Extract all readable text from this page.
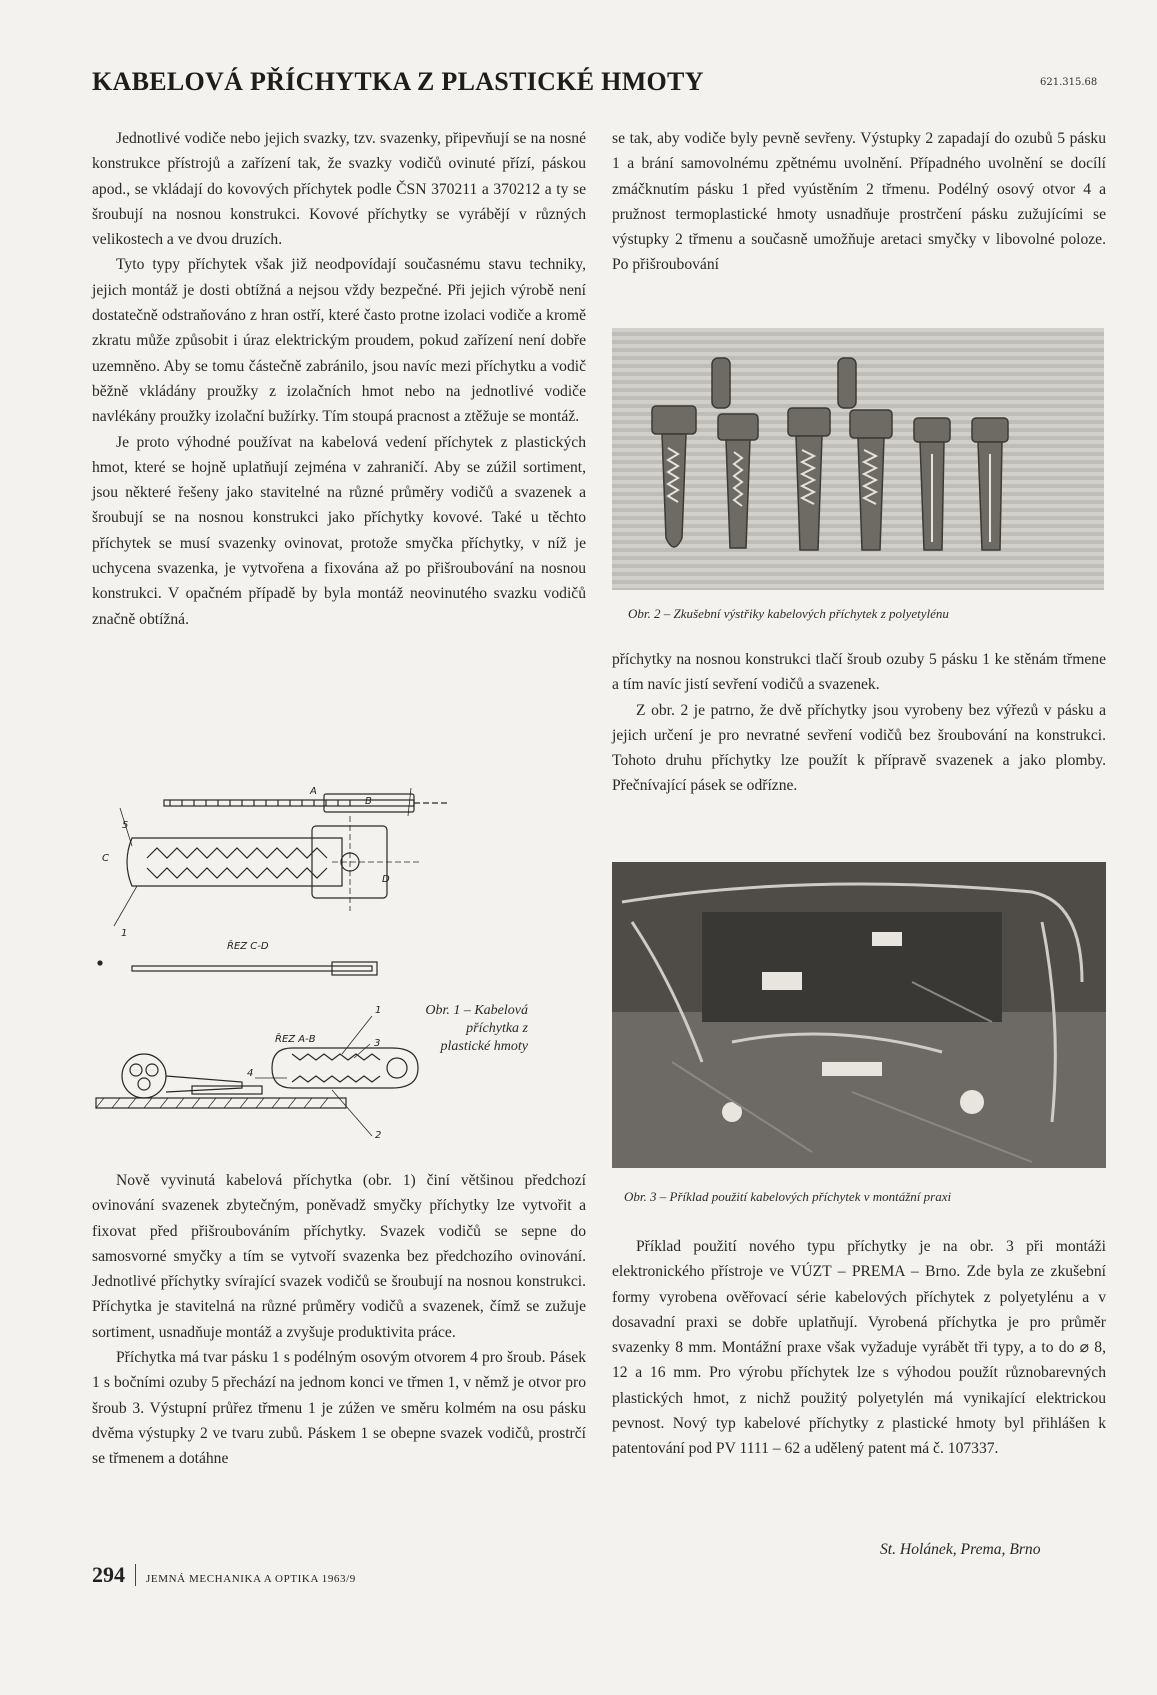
KABELOVÁ PŘÍCHYTKA Z PLASTICKÉ HMOTY	621.315.68

Jednotlivé vodiče nebo jejich svazky, tzv. svazenky, připevňují se na nosné konstrukce přístrojů a zařízení tak, že svazky vodičů ovinuté přízí, páskou apod., se vkládají do kovových příchytek podle ČSN 370211 a 370212 a ty se šroubují na nosnou konstrukci. Kovové příchytky se vyrábějí v různých velikostech a ve dvou druzích.

Tyto typy příchytek však již neodpovídají současnému stavu techniky, jejich montáž je dosti obtížná a nejsou vždy bezpečné. Při jejich výrobě není dostatečně odstraňováno z hran ostří, které často protne izolaci vodiče a kromě zkratu může způsobit i úraz elektrickým proudem, pokud zařízení není dobře uzemněno. Aby se tomu částečně zabránilo, jsou navíc mezi příchytku a vodič běžně vkládány proužky z izolačních hmot nebo na jednotlivé vodiče navlékány proužky izolační bužírky. Tím stoupá pracnost a ztěžuje se montáž.

Je proto výhodné používat na kabelová vedení příchytek z plastických hmot, které se hojně uplatňují zejména v zahraničí. Aby se zúžil sortiment, jsou některé řešeny jako stavitelné na různé průměry vodičů a svazenek a šroubují se na nosnou konstrukci jako příchytky kovové. Také u těchto příchytek se musí svazenky ovinovat, protože smyčka příchytky, v níž je uchycena svazenka, je vytvořena a fixována až po přišroubování na nosnou konstrukci. V opačném případě by byla montáž neovinutého svazku vodičů značně obtížná.

A
B
C
D
5
1
ŘEZ C-D
ŘEZ A-B
1
3
4
2
Obr. 1 – Kabelová příchytka z plastické hmoty

Nově vyvinutá kabelová příchytka (obr. 1) činí většinou předchozí ovinování svazenek zbytečným, poněvadž smyčky příchytky lze vytvořit a fixovat před přišroubováním příchytky. Svazek vodičů se sepne do samosvorné smyčky a tím se vytvoří svazenka bez předchozího ovinování. Jednotlivé příchytky svírající svazek vodičů se šroubují na nosnou konstrukci. Příchytka je stavitelná na různé průměry vodičů a svazenek, čímž se zužuje sortiment, usnadňuje montáž a zvyšuje produktivita práce.

Příchytka má tvar pásku 1 s podélným osovým otvorem 4 pro šroub. Pásek 1 s bočními ozuby 5 přechází na jednom konci ve třmen 1, v němž je otvor pro šroub 3. Výstupní průřez třmenu 1 je zúžen ve směru kolmém na osu pásku dvěma výstupky 2 ve tvaru zubů. Páskem 1 se obepne svazek vodičů, prostrčí se třmenem a dotáhne

se tak, aby vodiče byly pevně sevřeny. Výstupky 2 zapadají do ozubů 5 pásku 1 a brání samovolnému zpětnému uvolnění. Případného uvolnění se docílí zmáčknutím pásku 1 před vyústěním 2 třmenu. Podélný osový otvor 4 a pružnost termoplastické hmoty usnadňuje prostrčení pásku zužujícími se výstupky 2 třmenu a současně umožňuje aretaci smyčky v libovolné poloze. Po přišroubování

Obr. 2 – Zkušební výstřiky kabelových příchytek z polyetylénu

příchytky na nosnou konstrukci tlačí šroub ozuby 5 pásku 1 ke stěnám třmene a tím navíc jistí sevření vodičů a svazenek.

Z obr. 2 je patrno, že dvě příchytky jsou vyrobeny bez výřezů v pásku a jejich určení je pro nevratné sevření vodičů bez šroubování na konstrukci. Tohoto druhu příchytky lze použít k přípravě svazenek a jako plomby. Přečnívající pásek se odřízne.

Obr. 3 – Příklad použití kabelových příchytek v montážní praxi

Příklad použití nového typu příchytky je na obr. 3 při montáži elektronického přístroje ve VÚZT – PREMA – Brno. Zde byla ze zkušební formy vyrobena ověřovací série kabelových příchytek z polyetylénu a v dosavadní praxi se dobře uplatňují. Vyrobená příchytka je pro průměr svazenky 8 mm. Montážní praxe však vyžaduje vyrábět tři typy, a to do ⌀ 8, 12 a 16 mm. Pro výrobu příchytek lze s výhodou použít různobarevných plastických hmot, z nichž použitý polyetylén má vynikající elektrickou pevnost. Nový typ kabelové příchytky z plastické hmoty byl přihlášen k patentování pod PV 1111 – 62 a udělený patent má č. 107337.

St. Holánek, Prema, Brno
294 JEMNÁ MECHANIKA A OPTIKA 1963/9
